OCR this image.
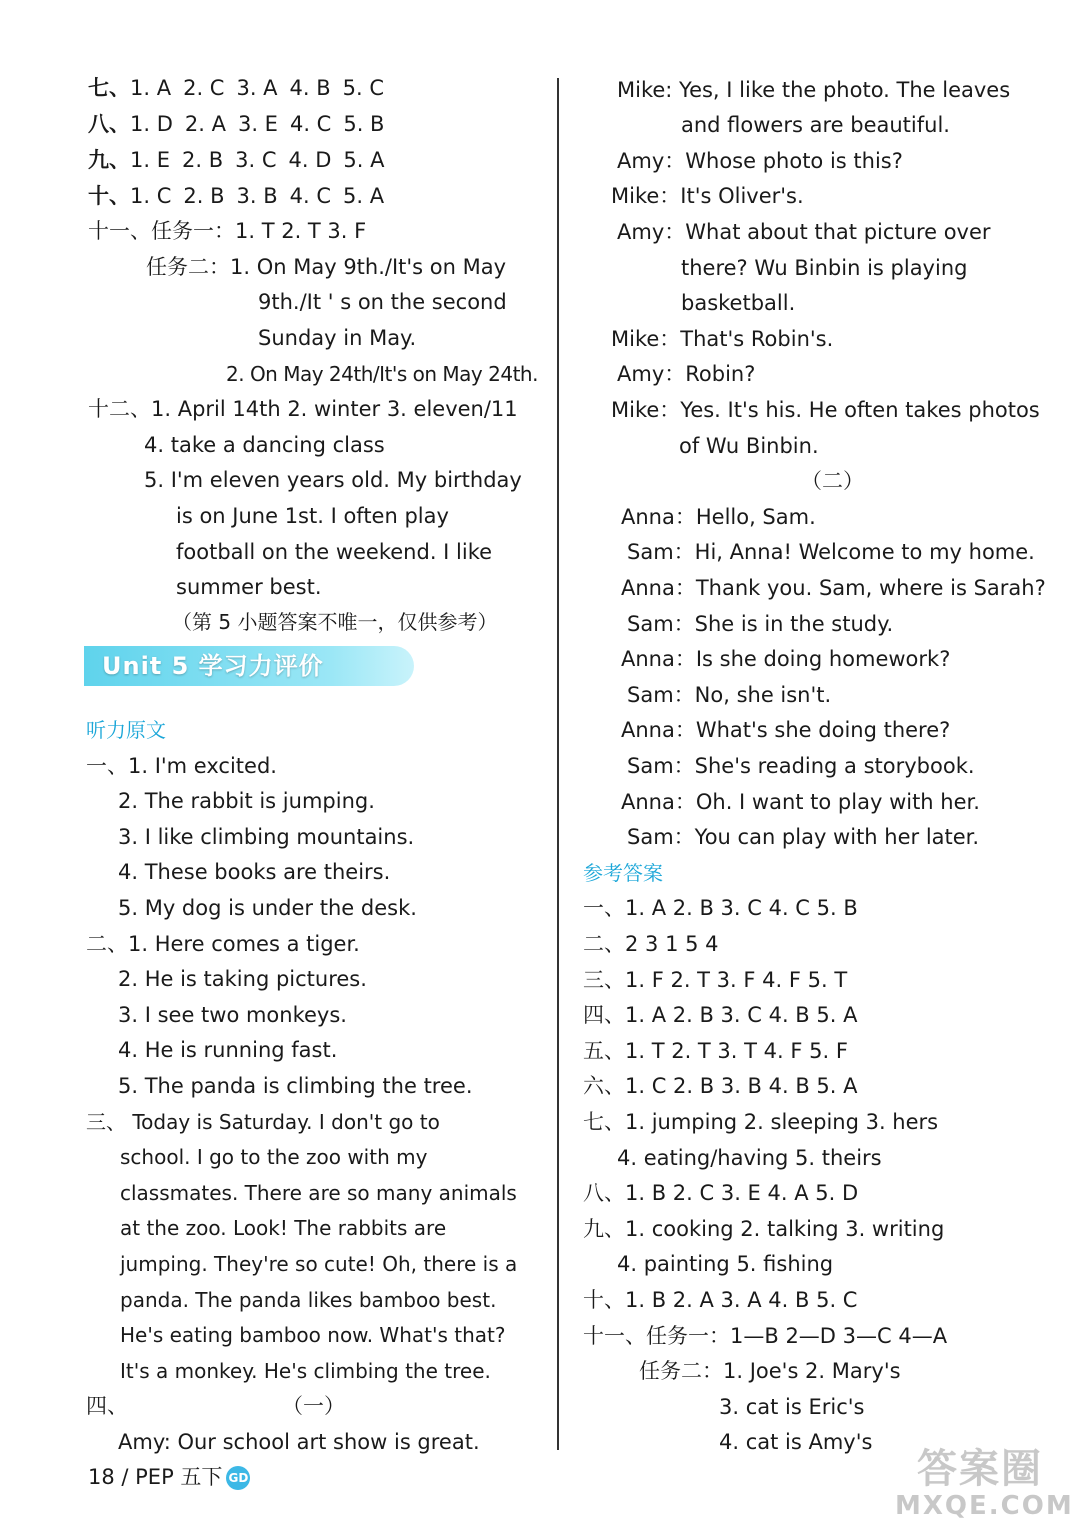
七、1. A 2. C 3. A 4. B 5. C
八、1. D 2. A 3. E 4. C 5. B
九、1. E 2. B 3. C 4. D 5. A
十、1. C 2. B 3. B 4. C 5. A
十一、任务一：1. T 2. T 3. F
任务二：1. On May 9th./It's on May
9th./It ' s on the second
Sunday in May.
2. On May 24th/It's on May 24th.
十二、1. April 14th 2. winter 3. eleven/11
4. take a dancing class
5. I'm eleven years old. My birthday
is on June 1st. I often play
football on the weekend. I like
summer best.
（第 5 小题答案不唯一，仅供参考）
Unit 5 学习力评价
听力原文
一、1. I'm excited.
2. The rabbit is jumping.
3. I like climbing mountains.
4. These books are theirs.
5. My dog is under the desk.
二、1. Here comes a tiger.
2. He is taking pictures.
3. I see two monkeys.
4. He is running fast.
5. The panda is climbing the tree.
三、 Today is Saturday. I don't go to
school. I go to the zoo with my
classmates. There are so many animals
at the zoo. Look! The rabbits are
jumping. They're so cute! Oh, there is a
panda. The panda likes bamboo best.
He's eating bamboo now. What's that?
It's a monkey. He's climbing the tree.
四、	（一）
Amy: Our school art show is great.
Mike: Yes, I like the photo. The leaves
and flowers are beautiful.
Amy：Whose photo is this?
Mike：It's Oliver's.
Amy：What about that picture over
there? Wu Binbin is playing
basketball.
Mike：That's Robin's.
Amy：Robin?
Mike：Yes. It's his. He often takes photos
of Wu Binbin.
（二）
Anna：Hello, Sam.
Sam：Hi, Anna! Welcome to my home.
Anna：Thank you. Sam, where is Sarah?
Sam：She is in the study.
Anna：Is she doing homework?
Sam：No, she isn't.
Anna：What's she doing there?
Sam：She's reading a storybook.
Anna：Oh. I want to play with her.
Sam：You can play with her later.
参考答案
一、1. A 2. B 3. C 4. C 5. B
二、2 3 1 5 4
三、1. F 2. T 3. F 4. F 5. T
四、1. A 2. B 3. C 4. B 5. A
五、1. T 2. T 3. T 4. F 5. F
六、1. C 2. B 3. B 4. B 5. A
七、1. jumping 2. sleeping 3. hers
4. eating/having 5. theirs
八、1. B 2. C 3. E 4. A 5. D
九、1. cooking 2. talking 3. writing
4. painting 5. fishing
十、1. B 2. A 3. A 4. B 5. C
十一、任务一：1—B 2—D 3—C 4—A
任务二：1. Joe's 2. Mary's
3. cat is Eric's
4. cat is Amy's
18 / PEP 五下 GD	答案圈
MXQE.COM
